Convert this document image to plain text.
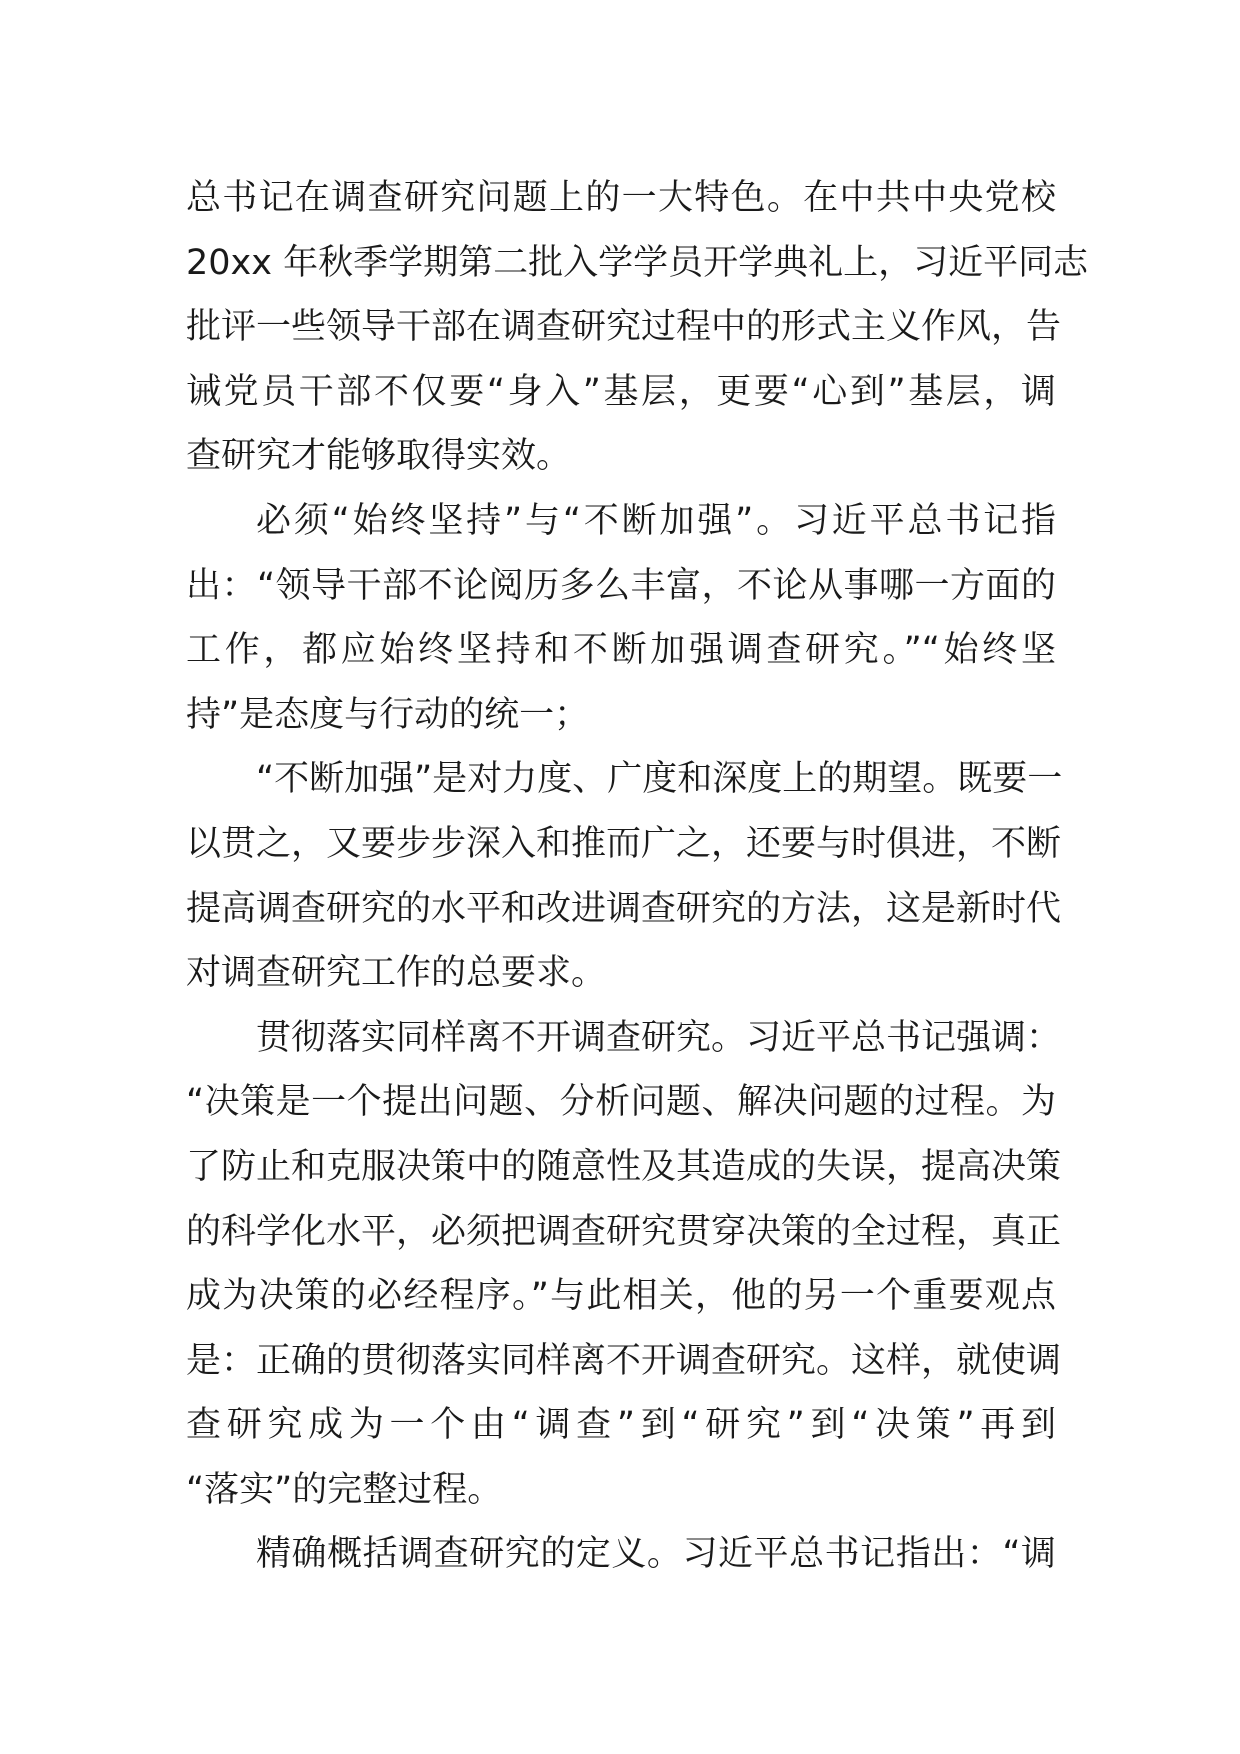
总书记在调查研究问题上的一大特色。在中共中央党校
20xx 年秋季学期第二批入学学员开学典礼上，习近平同志
批评一些领导干部在调查研究过程中的形式主义作风，告
诫党员干部不仅要“身入”基层，更要“心到”基层，调
查研究才能够取得实效。
必须“始终坚持”与“不断加强”。习近平总书记指
出：“领导干部不论阅历多么丰富，不论从事哪一方面的
工作，都应始终坚持和不断加强调查研究。”“始终坚
持”是态度与行动的统一；
“不断加强”是对力度、广度和深度上的期望。既要一
以贯之，又要步步深入和推而广之，还要与时俱进，不断
提高调查研究的水平和改进调查研究的方法，这是新时代
对调查研究工作的总要求。
贯彻落实同样离不开调查研究。习近平总书记强调：
“决策是一个提出问题、分析问题、解决问题的过程。为
了防止和克服决策中的随意性及其造成的失误，提高决策
的科学化水平，必须把调查研究贯穿决策的全过程，真正
成为决策的必经程序。”与此相关，他的另一个重要观点
是：正确的贯彻落实同样离不开调查研究。这样，就使调
查研究成为一个由“调查”到“研究”到“决策”再到
“落实”的完整过程。
精确概括调查研究的定义。习近平总书记指出：“调
